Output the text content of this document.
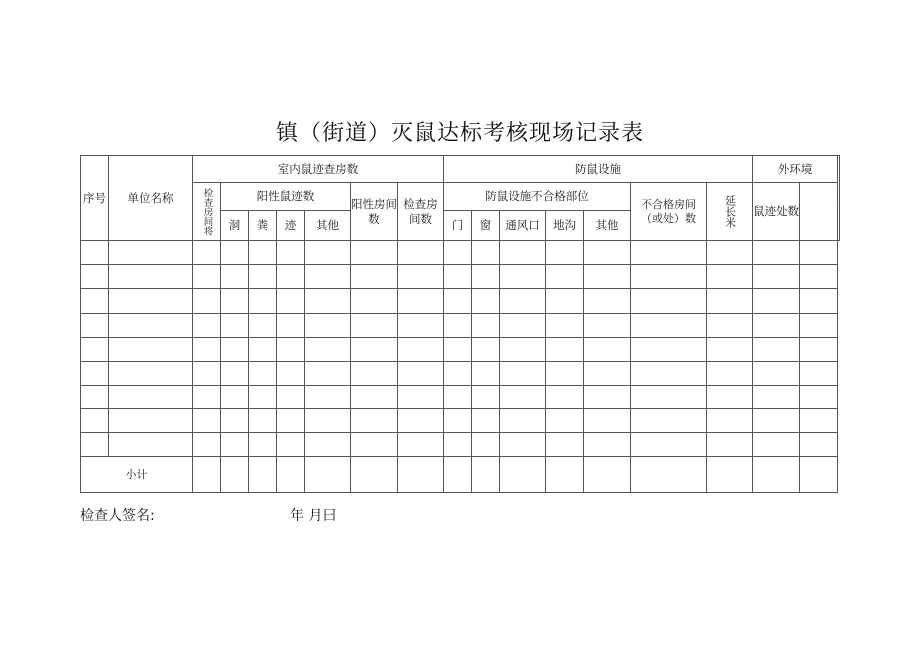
镇（街道）灭鼠达标考核现场记录表
序号	单位名称	室内鼠迹查房数							防鼠设施							外环境	
		检查房间将	阳性鼠迹数				阳性房间数	检查房间数	防鼠设施不合格部位					不合格房间（或处）数	延长米	鼠迹处数		
			洞	粪	迹	其他			门	窗	通风口	地沟	其他					

小计																		
检查人签名:	年 月曰
